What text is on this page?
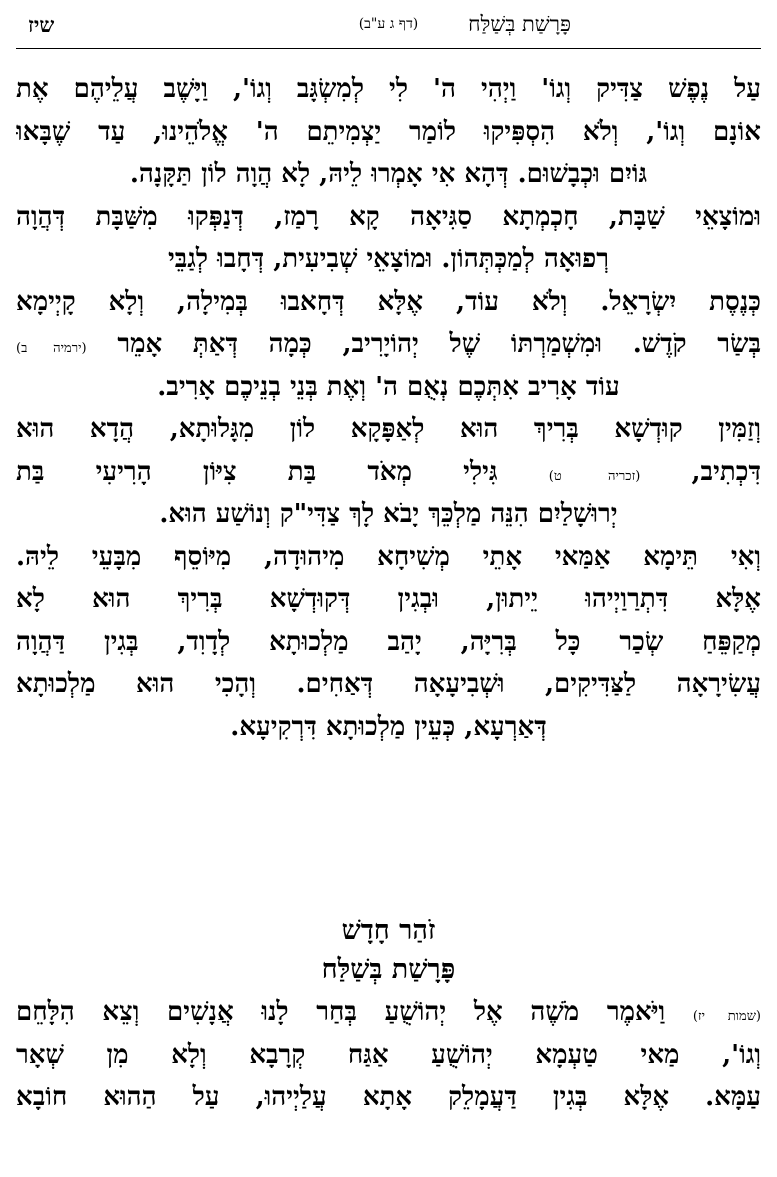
פָּרָשַׁת בְּשַׁלַּח
(דף ג ע"ב)
שיז
עַל נֶפֶשׁ צַדִּיק וְגוֹ' וַיְהִי ה' לִי לְמִשְׂגָּב וְגוֹ', וַיָּשֶׁב עֲלֵיהֶם אֶת
אוֹנָם וְגוֹ', וְלֹא הִסְפִּיקוּ לוֹמַר יַצְמִיתֵם ה' אֱלֹהֵינוּ, עַד שֶׁבָּאוּ
גּוֹיִם וּכְבָשׁוּם. דְּהָא אִי אָמְרוּ לֵיהּ, לָא הֲוָה לוֹן תַּקָּנָה.
וּמוֹצָאֵי שַׁבָּת, חָכְמְתָא סַגִּיאָה קָא רָמַז, דְּנַפְּקוּ מִשַּׁבָּת דְּהֲוָה
רְפוּאָה לְמַכְּתְּהוֹן. וּמוֹצָאֵי שְׁבִיעִית, דְּחָבוּ לְגַבֵּי
כְּנֶסֶת יִשְׂרָאֵל. וְלֹא עוֹד, אֶלָּא דְּחָאבוּ בְּמִילָה, וְלָא קָיְימָא
בְּשַׂר קֹדֶשׁ. וּמִשְׁמַרְתּוֹ שֶׁל יְהוֹיָרִיב, כְּמָה דְּאַתְּ אָמֵר (ירמיה ב)
עוֹד אָרִיב אִתְּכֶם נְאֻם ה' וְאֶת בְּנֵי בְנֵיכֶם אָרִיב.
וְזַמִּין קוּדְשָׁא בְּרִיךְ הוּא לְאַפָּקָא לוֹן מִגָּלוּתָא, הֲדָא הוּא
דִּכְתִיב, (זכריה ט) גִּילִי מְאֹד בַּת צִיּוֹן הָרִיעִי בַּת
יְרוּשָׁלַיִם הִנֵּה מַלְכֵּךְ יָבֹא לָךְ צַדִּי"ק וְנוֹשַׁע הוּא.
וְאִי תֵּימָא אַמַּאי אָתֵי מְשִׁיחָא מִיהוּדָה, מִיּוֹסֵף מִבָּעֵי לֵיהּ.
אֶלָּא דִּתְרַוַיְיהוּ יֵיתוּן, וּבְגִין דְּקוּדְשָׁא בְּרִיךְ הוּא לָא
מְקַפֵּחַ שְׂכַר כָּל בְּרִיָּה, יָהַב מַלְכוּתָא לְדָוִד, בְּגִין דַּהֲוָה
עֲשִׂירָאָה לַצַּדִּיקִים, וּשְׁבִיעָאָה דְּאַחִים. וְהָכִי הוּא מַלְכוּתָא
דְּאַרְעָא, כְּעֵין מַלְכוּתָא דִּרְקִיעָא.
זֹהַר חָדָשׁ
פָּרָשַׁת בְּשַׁלַּח
(שמות יז) וַיֹּאמֶר מֹשֶׁה אֶל יְהוֹשֻׁעַ בְּחַר לָנוּ אֲנָשִׁים וְצֵא הִלָּחֵם
וְגוֹ', מַאי טַעְמָא יְהוֹשֻׁעַ אַגַּח קְרָבָא וְלָא מִן שְׁאָר
עַמָּא. אֶלָּא בְּגִין דַּעֲמָלֵק אָתָא עֲלַיְיהוּ, עַל הַהוּא חוֹבָא
